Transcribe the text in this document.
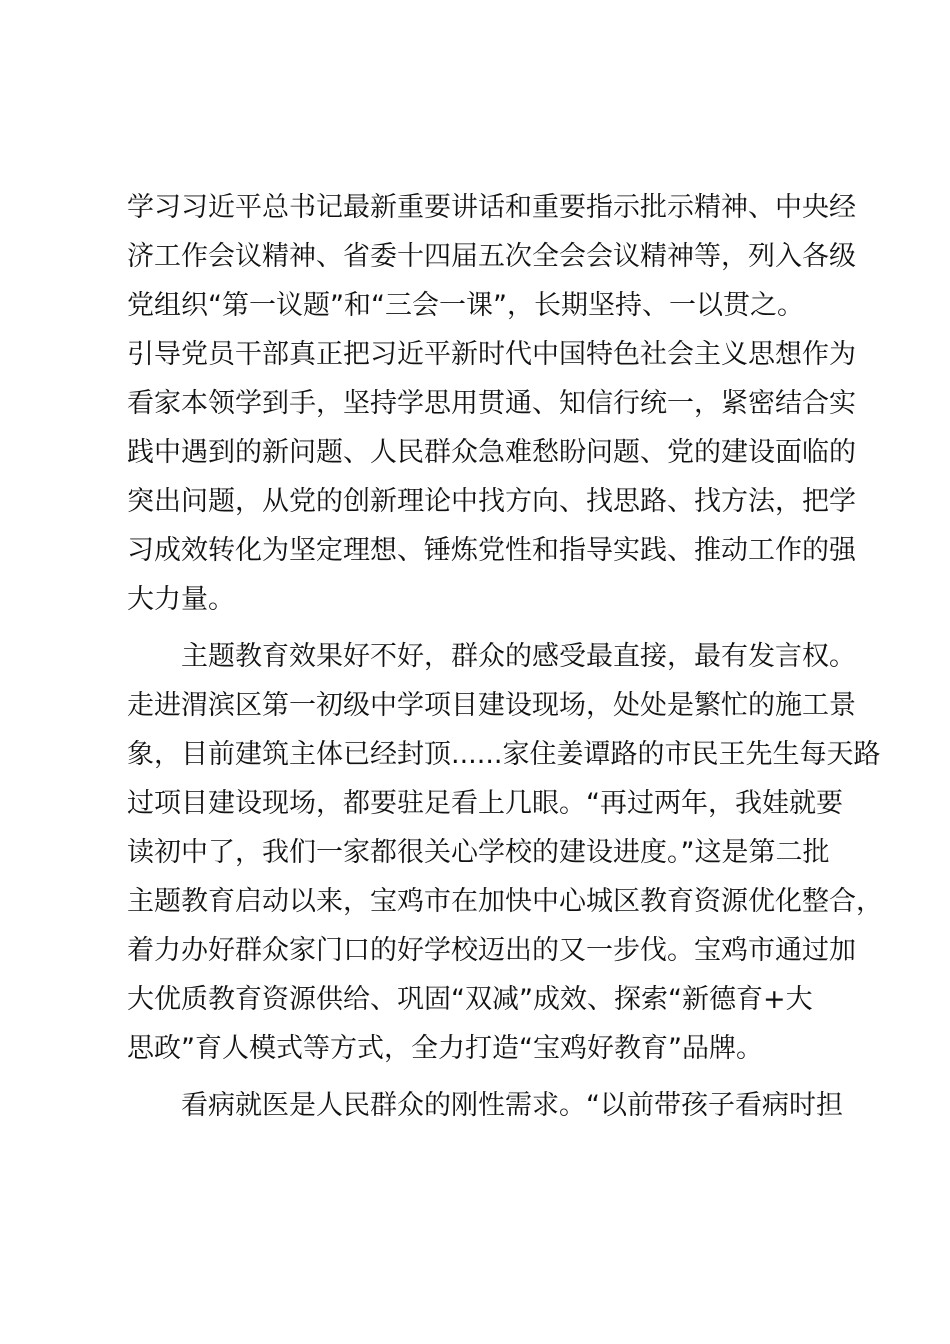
学习习近平总书记最新重要讲话和重要指示批示精神、中央经
济工作会议精神、省委十四届五次全会会议精神等，列入各级
党组织“第一议题”和“三会一课”，长期坚持、一以贯之。
引导党员干部真正把习近平新时代中国特色社会主义思想作为
看家本领学到手，坚持学思用贯通、知信行统一，紧密结合实
践中遇到的新问题、人民群众急难愁盼问题、党的建设面临的
突出问题，从党的创新理论中找方向、找思路、找方法，把学
习成效转化为坚定理想、锤炼党性和指导实践、推动工作的强
大力量。

　　主题教育效果好不好，群众的感受最直接，最有发言权。
走进渭滨区第一初级中学项目建设现场，处处是繁忙的施工景
象，目前建筑主体已经封顶......家住姜谭路的市民王先生每天路
过项目建设现场，都要驻足看上几眼。“再过两年，我娃就要
读初中了，我们一家都很关心学校的建设进度。”这是第二批
主题教育启动以来，宝鸡市在加快中心城区教育资源优化整合，
着力办好群众家门口的好学校迈出的又一步伐。宝鸡市通过加
大优质教育资源供给、巩固“双减”成效、探索“新德育+大
思政”育人模式等方式，全力打造“宝鸡好教育”品牌。

　　看病就医是人民群众的刚性需求。“以前带孩子看病时担
